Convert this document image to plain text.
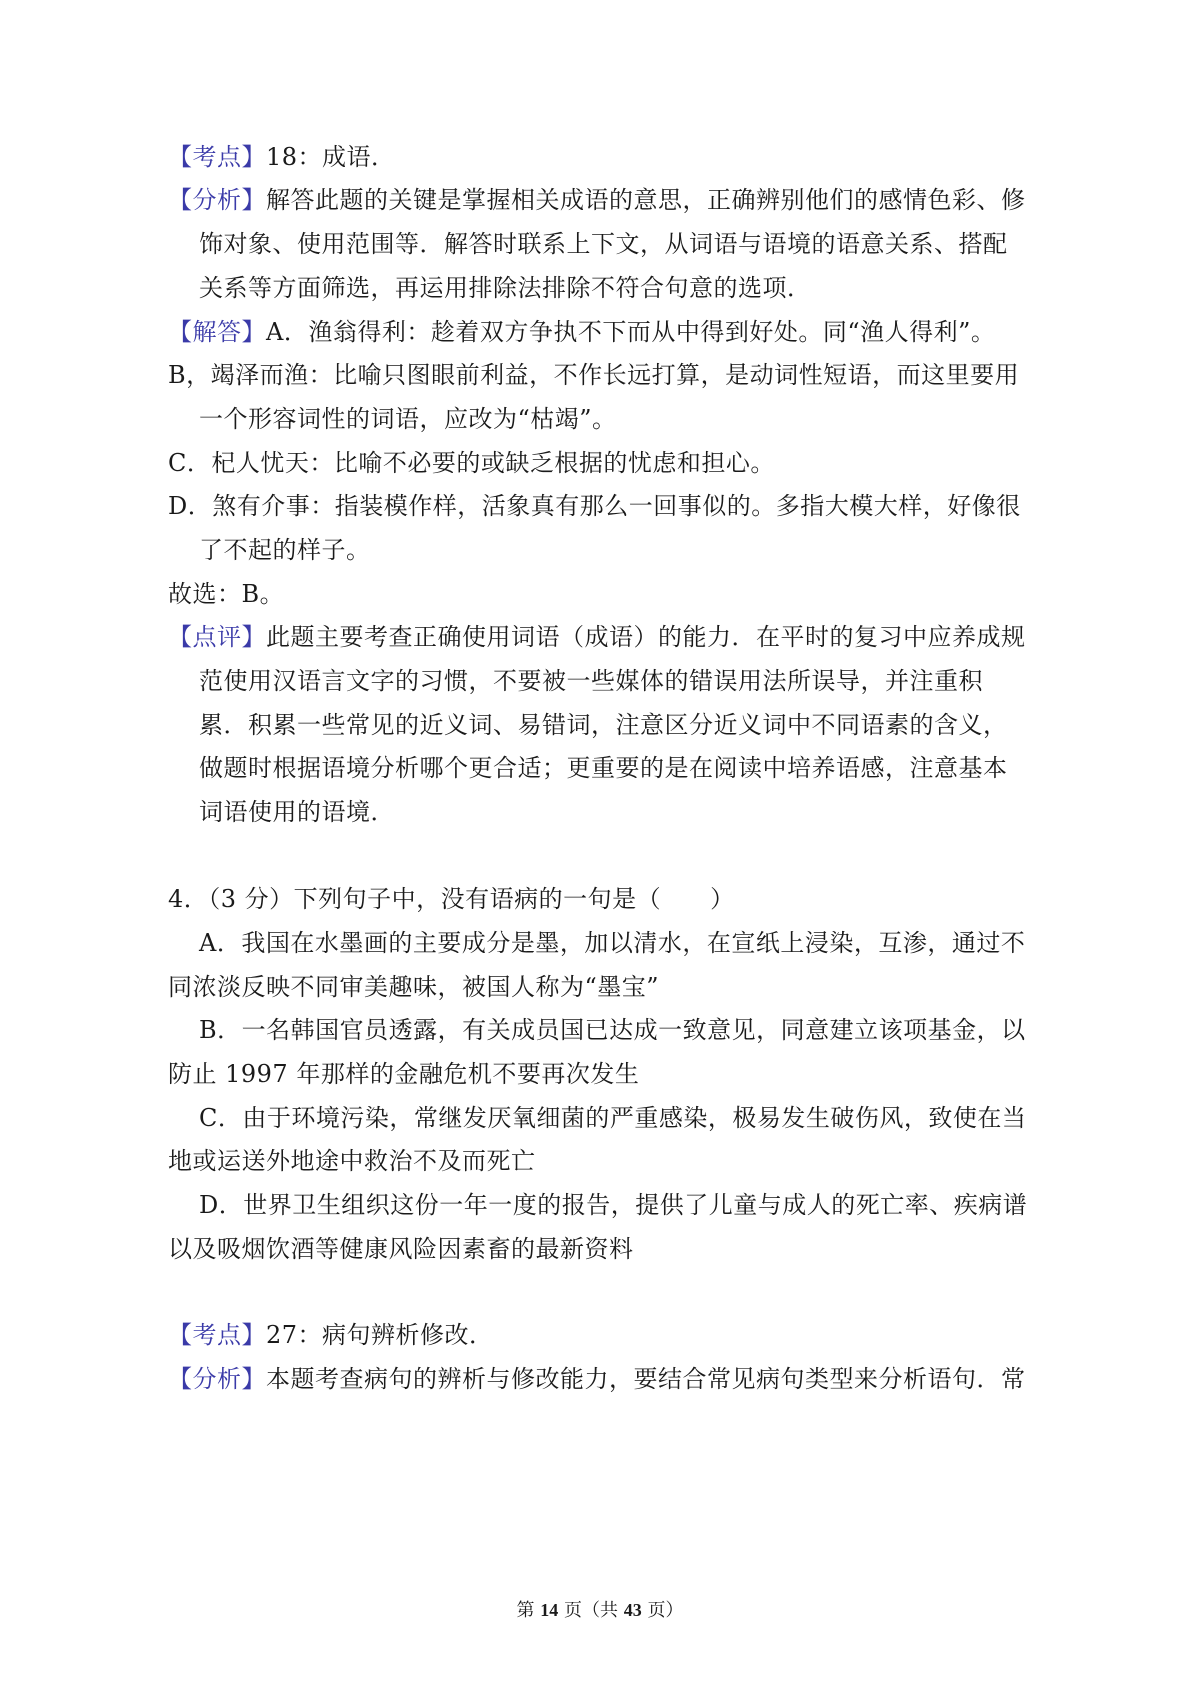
【考点】18：成语．
【分析】解答此题的关键是掌握相关成语的意思，正确辨别他们的感情色彩、修
饰对象、使用范围等．解答时联系上下文，从词语与语境的语意关系、搭配
关系等方面筛选，再运用排除法排除不符合句意的选项．
【解答】A．渔翁得利：趁着双方争执不下而从中得到好处。同“渔人得利”。
B，竭泽而渔：比喻只图眼前利益，不作长远打算，是动词性短语，而这里要用
一个形容词性的词语，应改为“枯竭”。
C．杞人忧天：比喻不必要的或缺乏根据的忧虑和担心。
D．煞有介事：指装模作样，活象真有那么一回事似的。多指大模大样，好像很
了不起的样子。
故选：B。
【点评】此题主要考查正确使用词语（成语）的能力．在平时的复习中应养成规
范使用汉语言文字的习惯，不要被一些媒体的错误用法所误导，并注重积
累．积累一些常见的近义词、易错词，注意区分近义词中不同语素的含义，
做题时根据语境分析哪个更合适；更重要的是在阅读中培养语感，注意基本
词语使用的语境．
4．（3 分）下列句子中，没有语病的一句是（　　）
A．我国在水墨画的主要成分是墨，加以清水，在宣纸上浸染，互渗，通过不
同浓淡反映不同审美趣味，被国人称为“墨宝”
B．一名韩国官员透露，有关成员国已达成一致意见，同意建立该项基金，以
防止 1997 年那样的金融危机不要再次发生
C．由于环境污染，常继发厌氧细菌的严重感染，极易发生破伤风，致使在当
地或运送外地途中救治不及而死亡
D．世界卫生组织这份一年一度的报告，提供了儿童与成人的死亡率、疾病谱
以及吸烟饮酒等健康风险因素畜的最新资料
【考点】27：病句辨析修改．
【分析】本题考查病句的辨析与修改能力，要结合常见病句类型来分析语句．常
第 14 页（共 43 页）
